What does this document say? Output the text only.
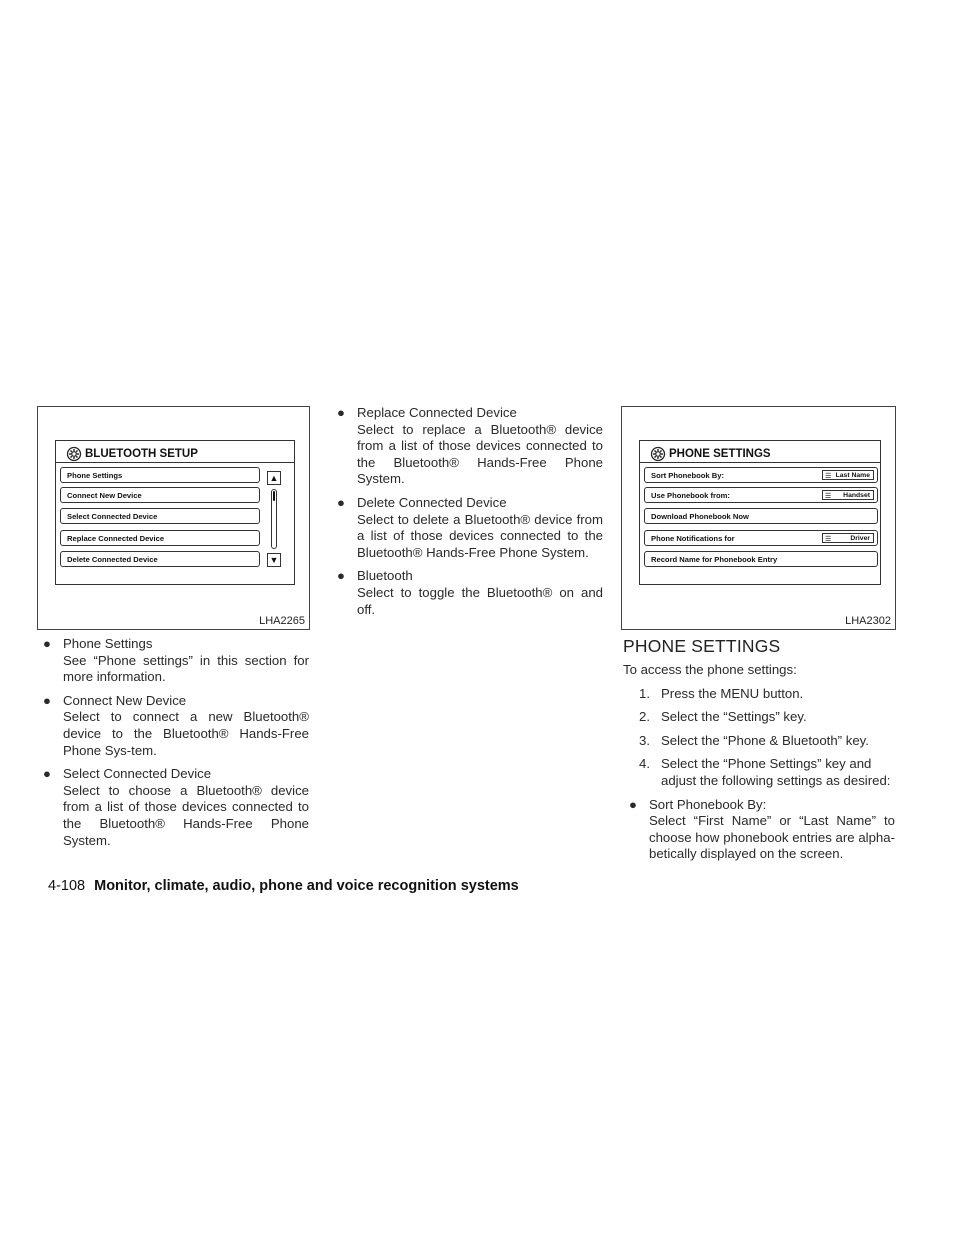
BLUETOOTH SETUP
Phone Settings
Connect New Device
Select Connected Device
Replace Connected Device
Delete Connected Device
▲
▼
LHA2265
PHONE SETTINGS
Sort Phonebook By:	☰ Last Name
Use Phonebook from:	☰ Handset
Download Phonebook Now
Phone Notifications for	☰	Driver
Record Name for Phonebook Entry
LHA2302
● Phone Settings
See “Phone settings” in this section for more information.
● Connect New Device
Select to connect a new Bluetooth® device to the Bluetooth® Hands-Free Phone Sys-tem.
● Select Connected Device
Select to choose a Bluetooth® device from a list of those devices connected to the Bluetooth® Hands-Free Phone System.
● Replace Connected Device
Select to replace a Bluetooth® device from a list of those devices connected to the Bluetooth® Hands-Free Phone System.
● Delete Connected Device
Select to delete a Bluetooth® device from a list of those devices connected to the Bluetooth® Hands-Free Phone System.
● Bluetooth
Select to toggle the Bluetooth® on and off.
PHONE SETTINGS
To access the phone settings:
1. Press the MENU button.
2. Select the “Settings” key.
3. Select the “Phone & Bluetooth” key.
4. Select the “Phone Settings” key and adjust the following settings as desired:
● Sort Phonebook By:
Select “First Name” or “Last Name” to choose how phonebook entries are alpha-betically displayed on the screen.
4-108 Monitor, climate, audio, phone and voice recognition systems
